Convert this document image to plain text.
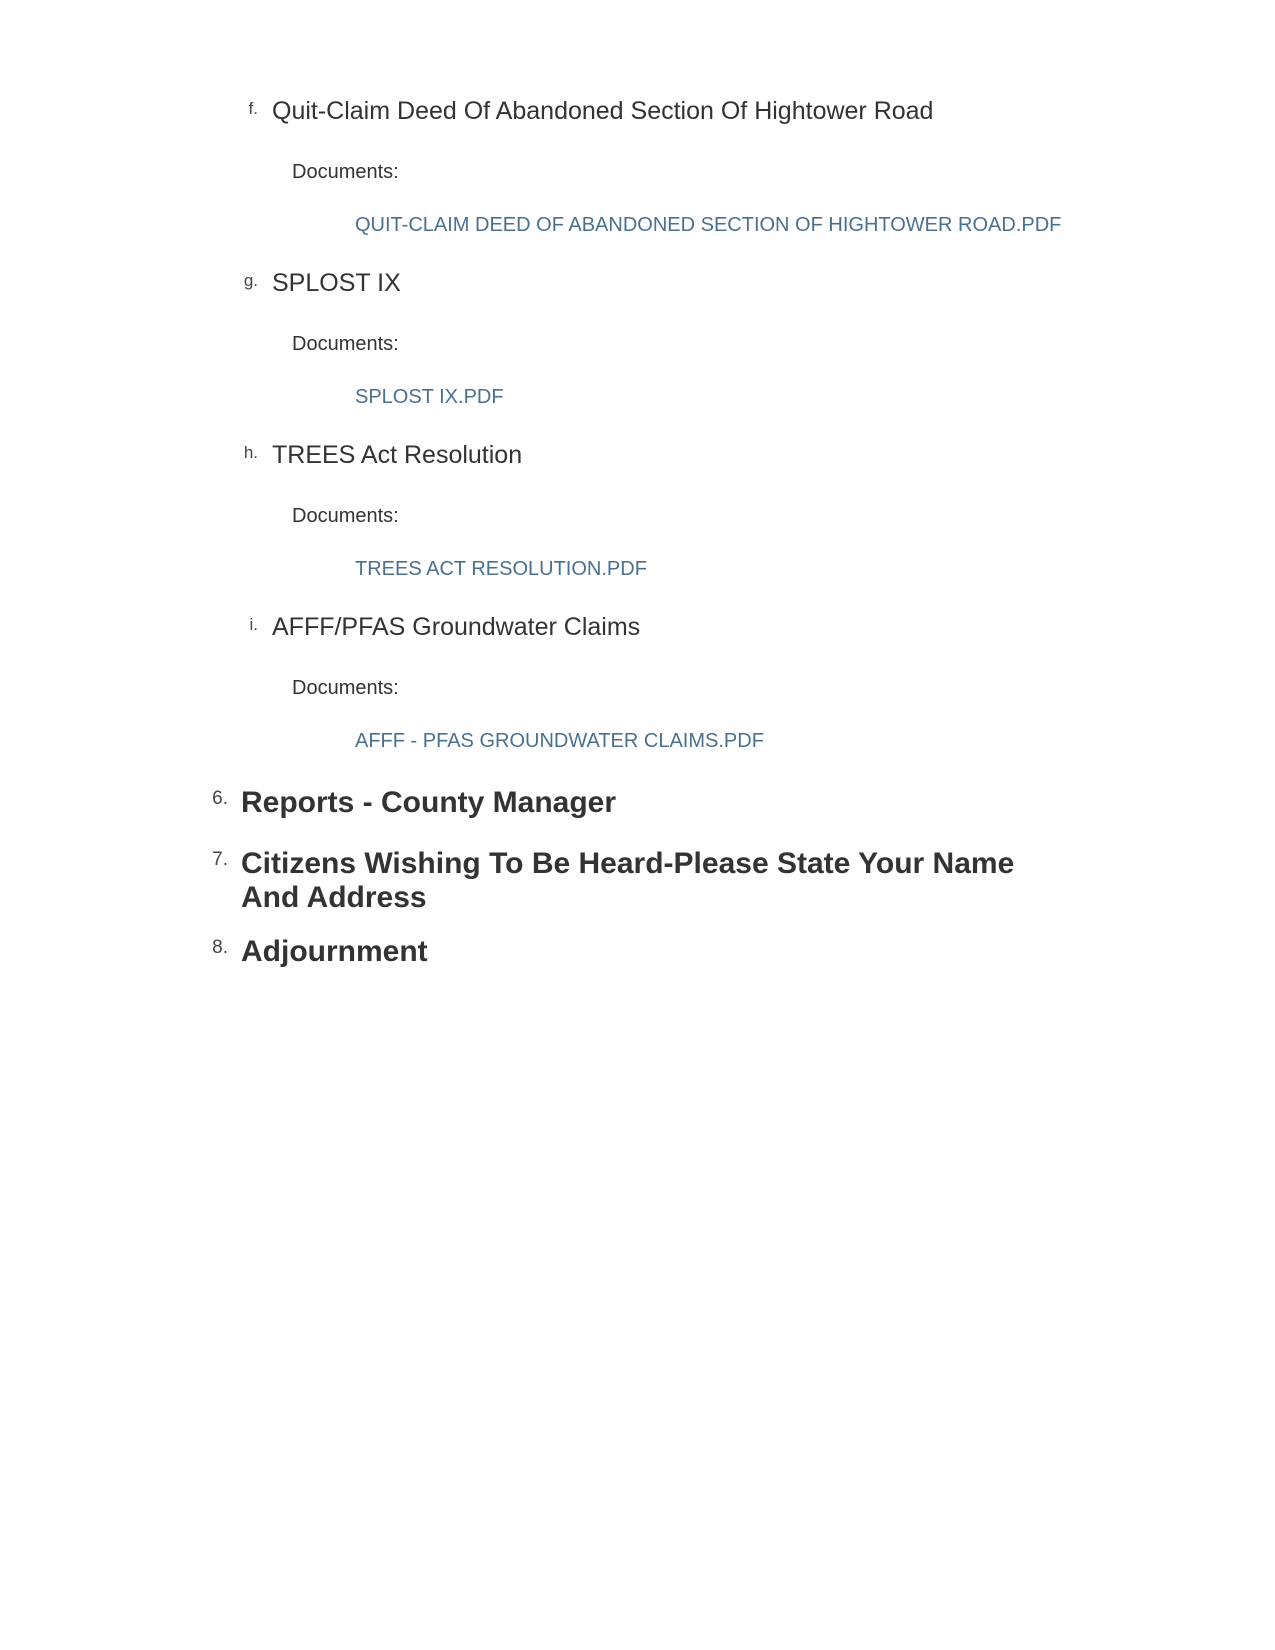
f. Quit-Claim Deed Of Abandoned Section Of Hightower Road
Documents:
QUIT-CLAIM DEED OF ABANDONED SECTION OF HIGHTOWER ROAD.PDF
g. SPLOST IX
Documents:
SPLOST IX.PDF
h. TREES Act Resolution
Documents:
TREES ACT RESOLUTION.PDF
i. AFFF/PFAS Groundwater Claims
Documents:
AFFF - PFAS GROUNDWATER CLAIMS.PDF
6. Reports - County Manager
7. Citizens Wishing To Be Heard-Please State Your Name And Address
8. Adjournment
